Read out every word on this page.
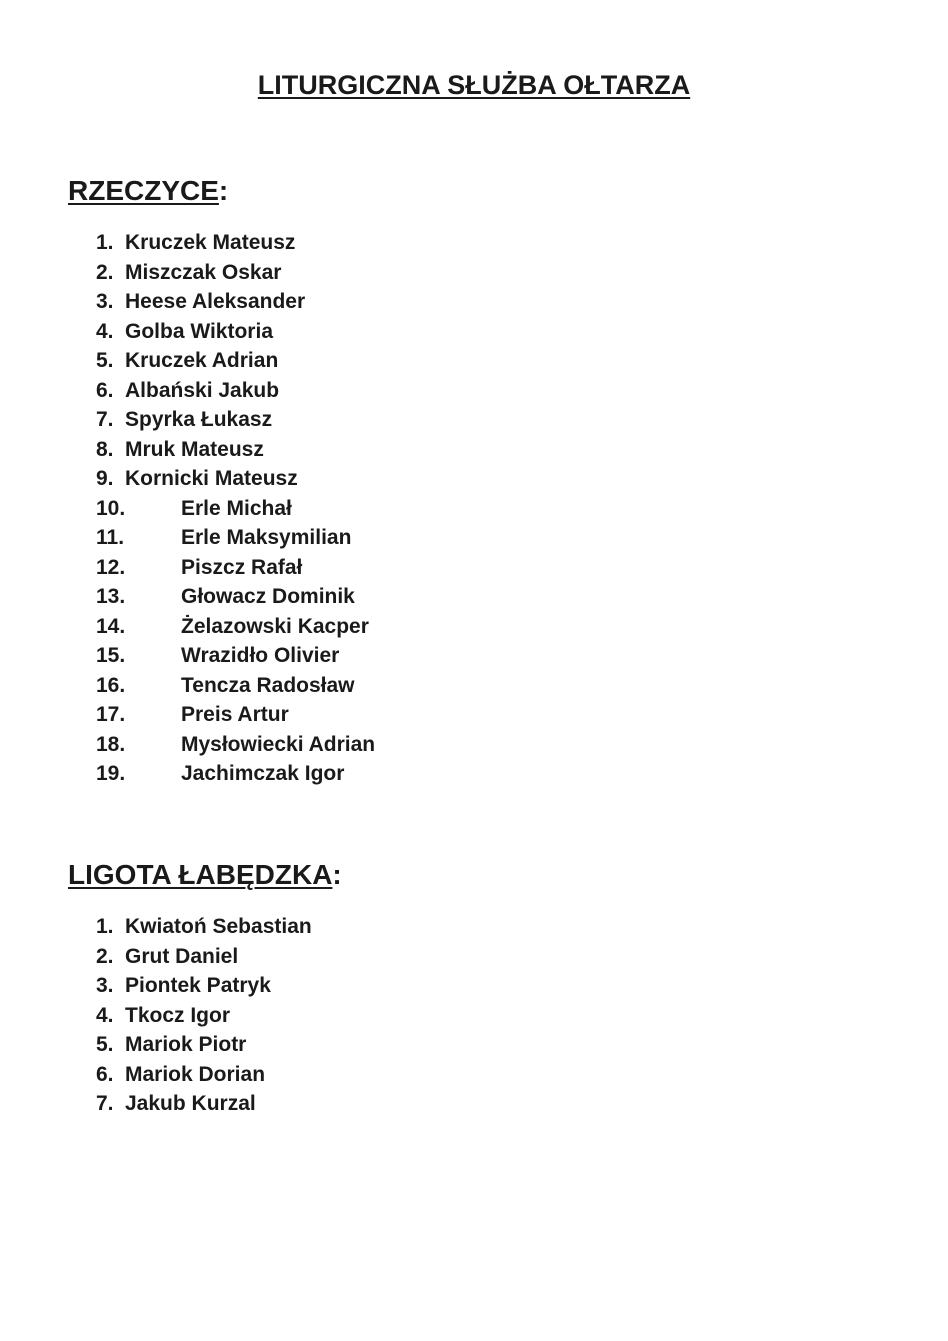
LITURGICZNA SŁUŻBA OŁTARZA
RZECZYCE:
1. Kruczek Mateusz
2. Miszczak Oskar
3. Heese Aleksander
4. Golba Wiktoria
5. Kruczek Adrian
6. Albański Jakub
7. Spyrka Łukasz
8. Mruk Mateusz
9. Kornicki Mateusz
10.	Erle Michał
11.	Erle Maksymilian
12.	Piszcz Rafał
13.	Głowacz Dominik
14.	Żelazowski Kacper
15.	Wrazidło Olivier
16.	Tencza Radosław
17.	Preis Artur
18.	Mysłowiecki Adrian
19.	Jachimczak Igor
LIGOTA ŁABĘDZKA:
1. Kwiatoń Sebastian
2. Grut Daniel
3. Piontek Patryk
4. Tkocz Igor
5. Mariok Piotr
6. Mariok Dorian
7. Jakub Kurzal
